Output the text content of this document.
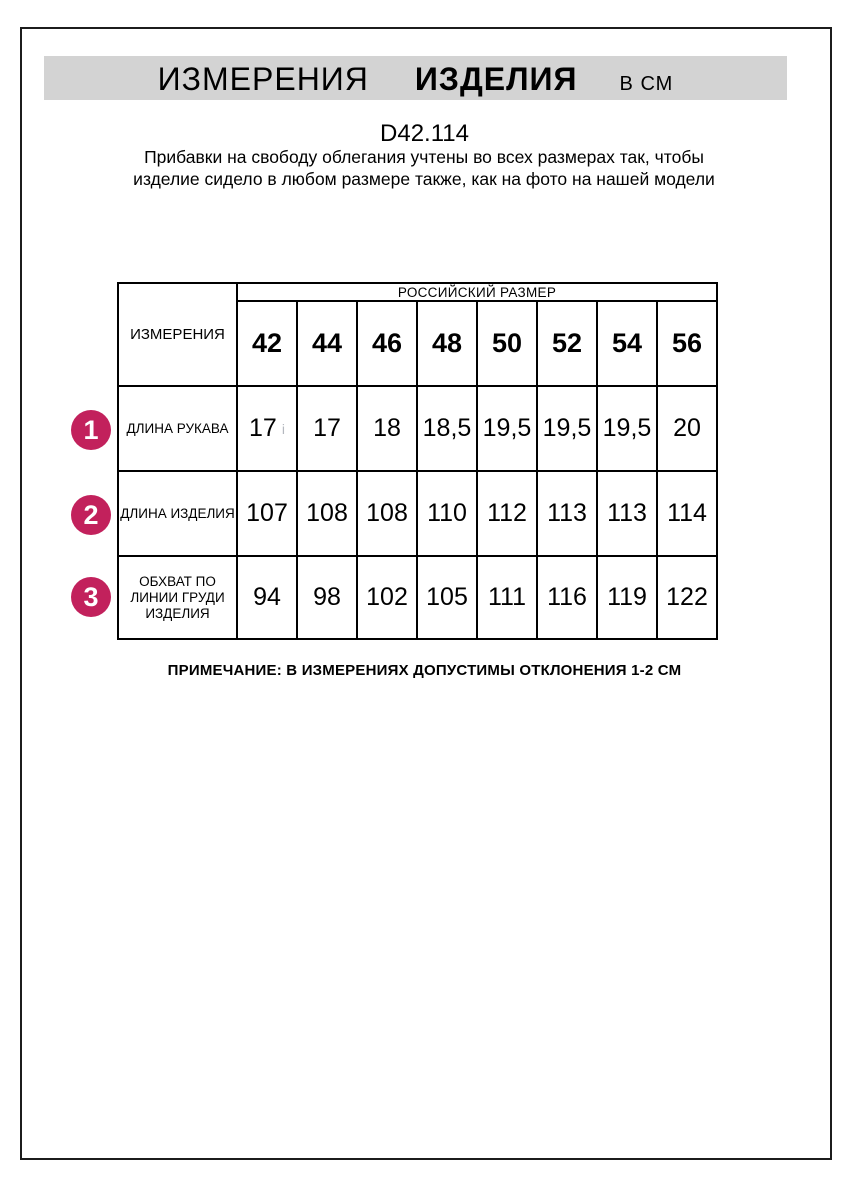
ИЗМЕРЕНИЯ ИЗДЕЛИЯ В СМ
D42.114
Прибавки на свободу облегания учтены во всех размерах так, чтобы изделие сидело в любом размере также, как на фото на нашей модели
ИЗМЕРЕНИЯ	РОССИЙСКИЙ РАЗМЕР							
	42	44	46	48	50	52	54	56
ДЛИНА РУКАВА	17 i	17	18	18,5	19,5	19,5	19,5	20
ДЛИНА ИЗДЕЛИЯ	107	108	108	110	112	113	113	114
ОБХВАТ ПО ЛИНИИ ГРУДИ ИЗДЕЛИЯ	94	98	102	105	111	116	119	122
1
2
3
ПРИМЕЧАНИЕ: В ИЗМЕРЕНИЯХ ДОПУСТИМЫ ОТКЛОНЕНИЯ 1-2 СМ
